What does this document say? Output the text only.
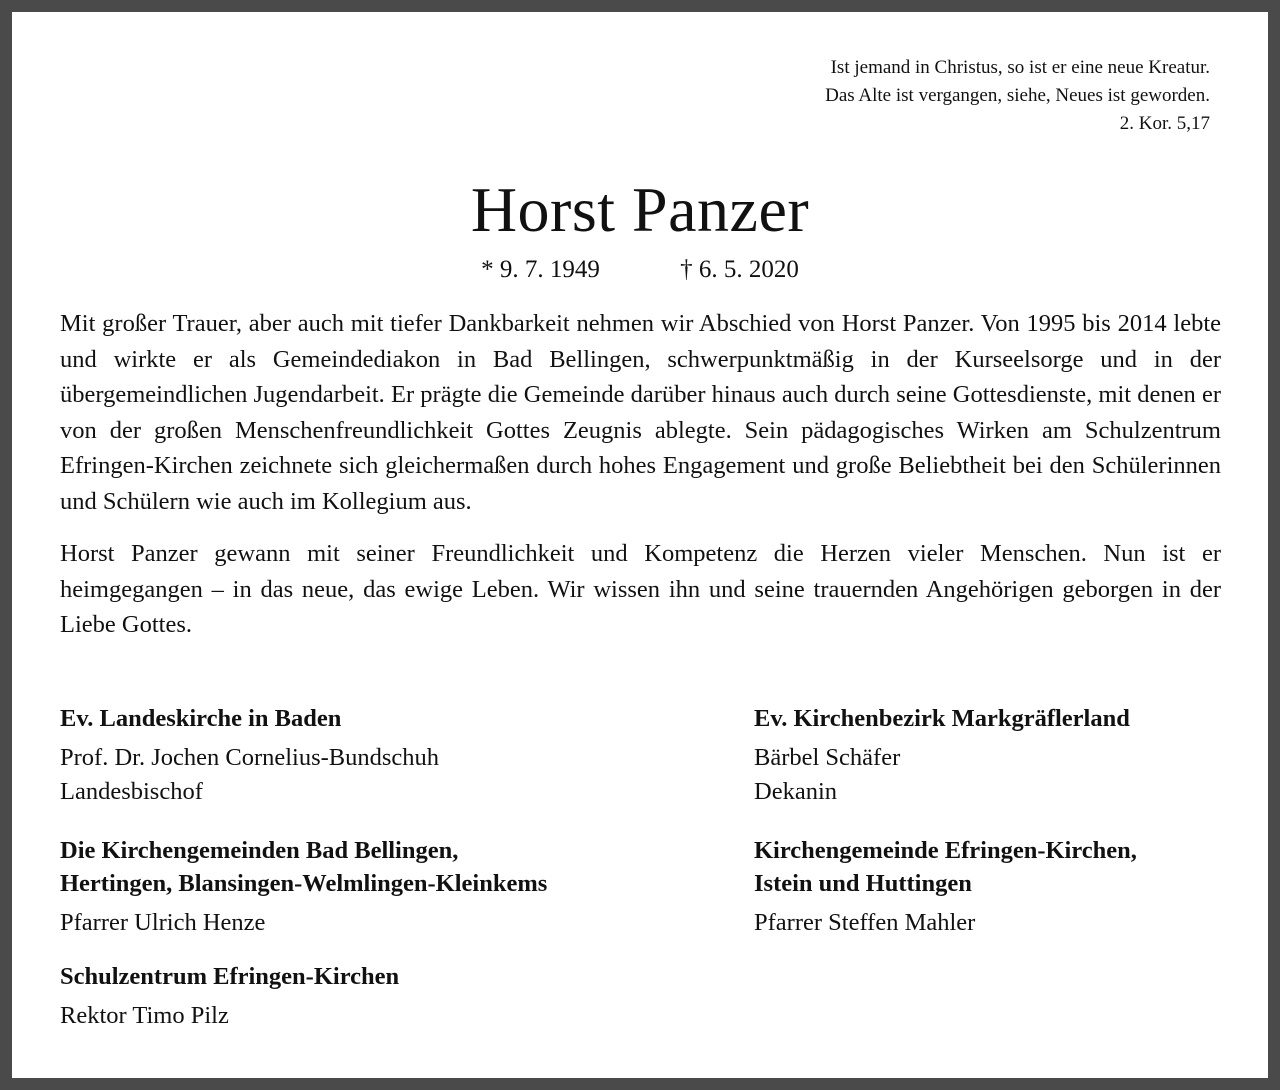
Ist jemand in Christus, so ist er eine neue Kreatur.
Das Alte ist vergangen, siehe, Neues ist geworden.
2. Kor. 5,17
Horst Panzer
* 9. 7. 1949	† 6. 5. 2020

Mit großer Trauer, aber auch mit tiefer Dankbarkeit nehmen wir Abschied von Horst Panzer. Von 1995 bis 2014 lebte und wirkte er als Gemeindediakon in Bad Bellingen, schwerpunktmäßig in der Kurseelsorge und in der übergemeindlichen Jugendarbeit. Er prägte die Gemeinde darüber hinaus auch durch seine Gottesdienste, mit denen er von der großen Menschenfreundlichkeit Gottes Zeugnis ablegte. Sein pädagogisches Wirken am Schulzentrum Efringen-Kirchen zeichnete sich gleichermaßen durch hohes Engagement und große Beliebtheit bei den Schülerinnen und Schülern wie auch im Kollegium aus.

Horst Panzer gewann mit seiner Freundlichkeit und Kompetenz die Herzen vieler Menschen. Nun ist er heimgegangen – in das neue, das ewige Leben. Wir wissen ihn und seine trauernden Angehörigen geborgen in der Liebe Gottes.

Ev. Landeskirche in Baden
Prof. Dr. Jochen Cornelius-Bundschuh
Landesbischof
Die Kirchengemeinden Bad Bellingen,
Hertingen, Blansingen-Welmlingen-Kleinkems
Pfarrer Ulrich Henze
Schulzentrum Efringen-Kirchen
Rektor Timo Pilz
Ev. Kirchenbezirk Markgräflerland
Bärbel Schäfer
Dekanin
Kirchengemeinde Efringen-Kirchen,
Istein und Huttingen
Pfarrer Steffen Mahler
